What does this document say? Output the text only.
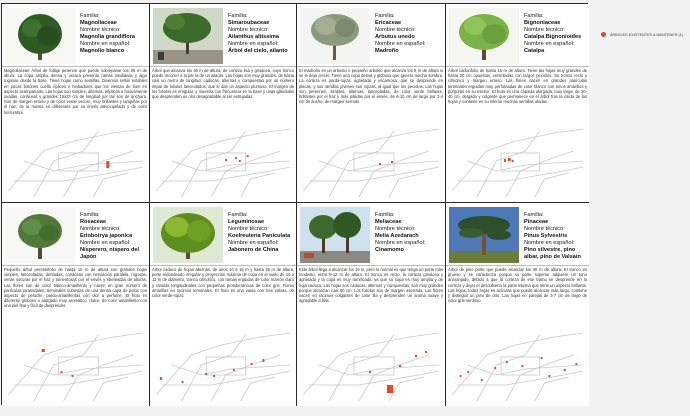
Familia:
Magnoliaceae
Nombre técnico:
Magnolia grandiflora
Nombre en español:
Magnolio blanco
Magnoliaceae Árbol de follaje perenne que puede sobrepasar los 25 m de altura. La copa amplia, densa y oscura presenta ramas medianas y algo rugosas desde la base. Tiene hojas como semillas. Diversos sellos estables en pocas botones cuello ríplices e hinbadores que los vientan de bien en aspecto acampanado. Las hojas son simples, alternas, elípticas u hoovamente ovadas, coriáceas y grandes 15x23 cm de longitud por las son de anchura. Son de margen entero y de color verde oscuro, muy brillantes y lampiñas por el haz, de la misma en diferentes por su envés aterciopelado y de color herrumbre.
Familia:
Simaroubaceae
Nombre técnico:
Ailanthus altissima
Nombre en español:
Árbol del cielo, ailanto
Árbol que alcanza los 30 m de altura, de corteza lisa y grisácea, cuyo tronco puede recorrer a la par la de un ailanto. Las hojas son muy grandes, de hasta casi un metro de longitud, caducas, alternas y compuestas por un número impar de foliolos lanceolados, que le dan un aspecto plumoso. El margen de los foliolos es irregular, y muestra con frecuencia en la base y unas glándulas que desprenden un olor desagradable al ser estrujadas.
Familia:
Ericaceae
Nombre técnico:
Arbutus unedo
Nombre en español:
Madroño
El madroño es un arbusto o pequeño arbolito que alcanza los 8 m de altura si se le deja crecer. Tiene una copa densa y globosa que genera mucha sombra. La corteza es parda-rojiza, agrietada y escamosa, que se desprende en placas, y sus ramillas jóvenes son rojizas, al igual que los peciolos. Las hojas son perennes, simples, alternas, lanceoladas, de color verde brillante, brillantes por el haz y más pálidas por el envés, de 6-10 cm de largo por 3-4 cm de ancho, de margen serrado.
Familia:
Bignoniaceae
Nombre técnico:
Catalpa Bignonioides
Nombre en español:
Catalpa
Árbol caducifolio de hasta 15 m de altura. Tiene las hojas muy grandes de hasta 20 cm opuestas, verticiladas con largos peciolos. Su tronco recto y cilíndrico y margen entero. Las flores nacen en grandes panículas terminales erguidas muy perfumadas de color blanco con tonos amarillos y púrpuras en su interior. El fruto es una cápsula alargada, muy larga, de 20-40 cm, delgada y colgante que permanece en el árbol tras la caída de las hojas y contiene en su interior muchas semillas aladas.
Familia:
Rosaceae
Nombre técnico:
Eriobotrya japonica
Nombre en español:
Nísperero, níspero del Japón
Pequeño árbol perennifolio de hasta 10 m de altura con grandes hojas simples, lanceoladas, dentadas, coriáceas con nerviación paralela, rugosas, verde oscuras por el haz y tomentosas por el envés y ribeteadas de alturas. Las flores son de color blanco-amarillento y nacen en gran número de panículas piramidales, terminales cubiertas de una densa capa de pelos con aspecto de peluche, pardo-amarillentas con olor a perfume. El fruto es diferente globoso o alargado muy aromático, dulce, de color amarillento con una piel fina y fácil de desprender.
Familia:
Leguminosae
Nombre técnico:
Koelreuteria Paniculata
Nombre en español:
Jabonero de China
Árbol caduco de hojas alternas, de unos 10 a 15 m y hasta 25 m de altura, porte redondeado irregular y proyección máxima de copa en el suelo de 10 a 12 m de diámetro, tronco cilíndrico, con ramas erguidas de color marrón claro y ramitas longitudinales con pequeñas protuberancias de color gris. Flores amarillas en racimos terminales. El fruto es una vaina con tres valvas, de color verde-rojizo.
Familia:
Meliaceae
Nombre técnico:
Melia Azedarach
Nombre en español:
Cinamomo
Este árbol llega a alcanzar los 15 m, pero lo normal es que tenga un porte más modesto, entre 8-12 m de altura. El tronco es recto, la corteza grisácea y agrietada y la copa es muy ramificada, ya que su copa es muy amplia y de hoja caduca. Las hojas son caducas, alternas y compuestas, son muy grandes porque alcanzan casi 80 cm. Los foliolos son de margen aserrado. Las flores nacen en racimos colgantes de color lila y desprenden un aroma suave y agradable a lilas.
Familia:
Pinaceae
Nombre técnico:
Pinus Sylvestris
Nombre en español:
Pino silvestre, pino albar, pino de Valsaín
Árbol de pino porte que puede alcanzar los 40 m de altura. El tronco es grueso y se caracteriza porque su parte superior adquiere un tono anaranjado, debido a que la corteza de ese tramo se desprende en lo corteza y dejar el descubierto la parte interna que tiene un aspecto brillante. Las hojas, todas hojas en acículas que puede alcanzar más largo, contiene y distinguir un pino de otro. Las hojas en parejas de 3-7 cm de largo de color gris-verdoso.
ÁRBOLES EXISTENTES A MANTENER (1)
